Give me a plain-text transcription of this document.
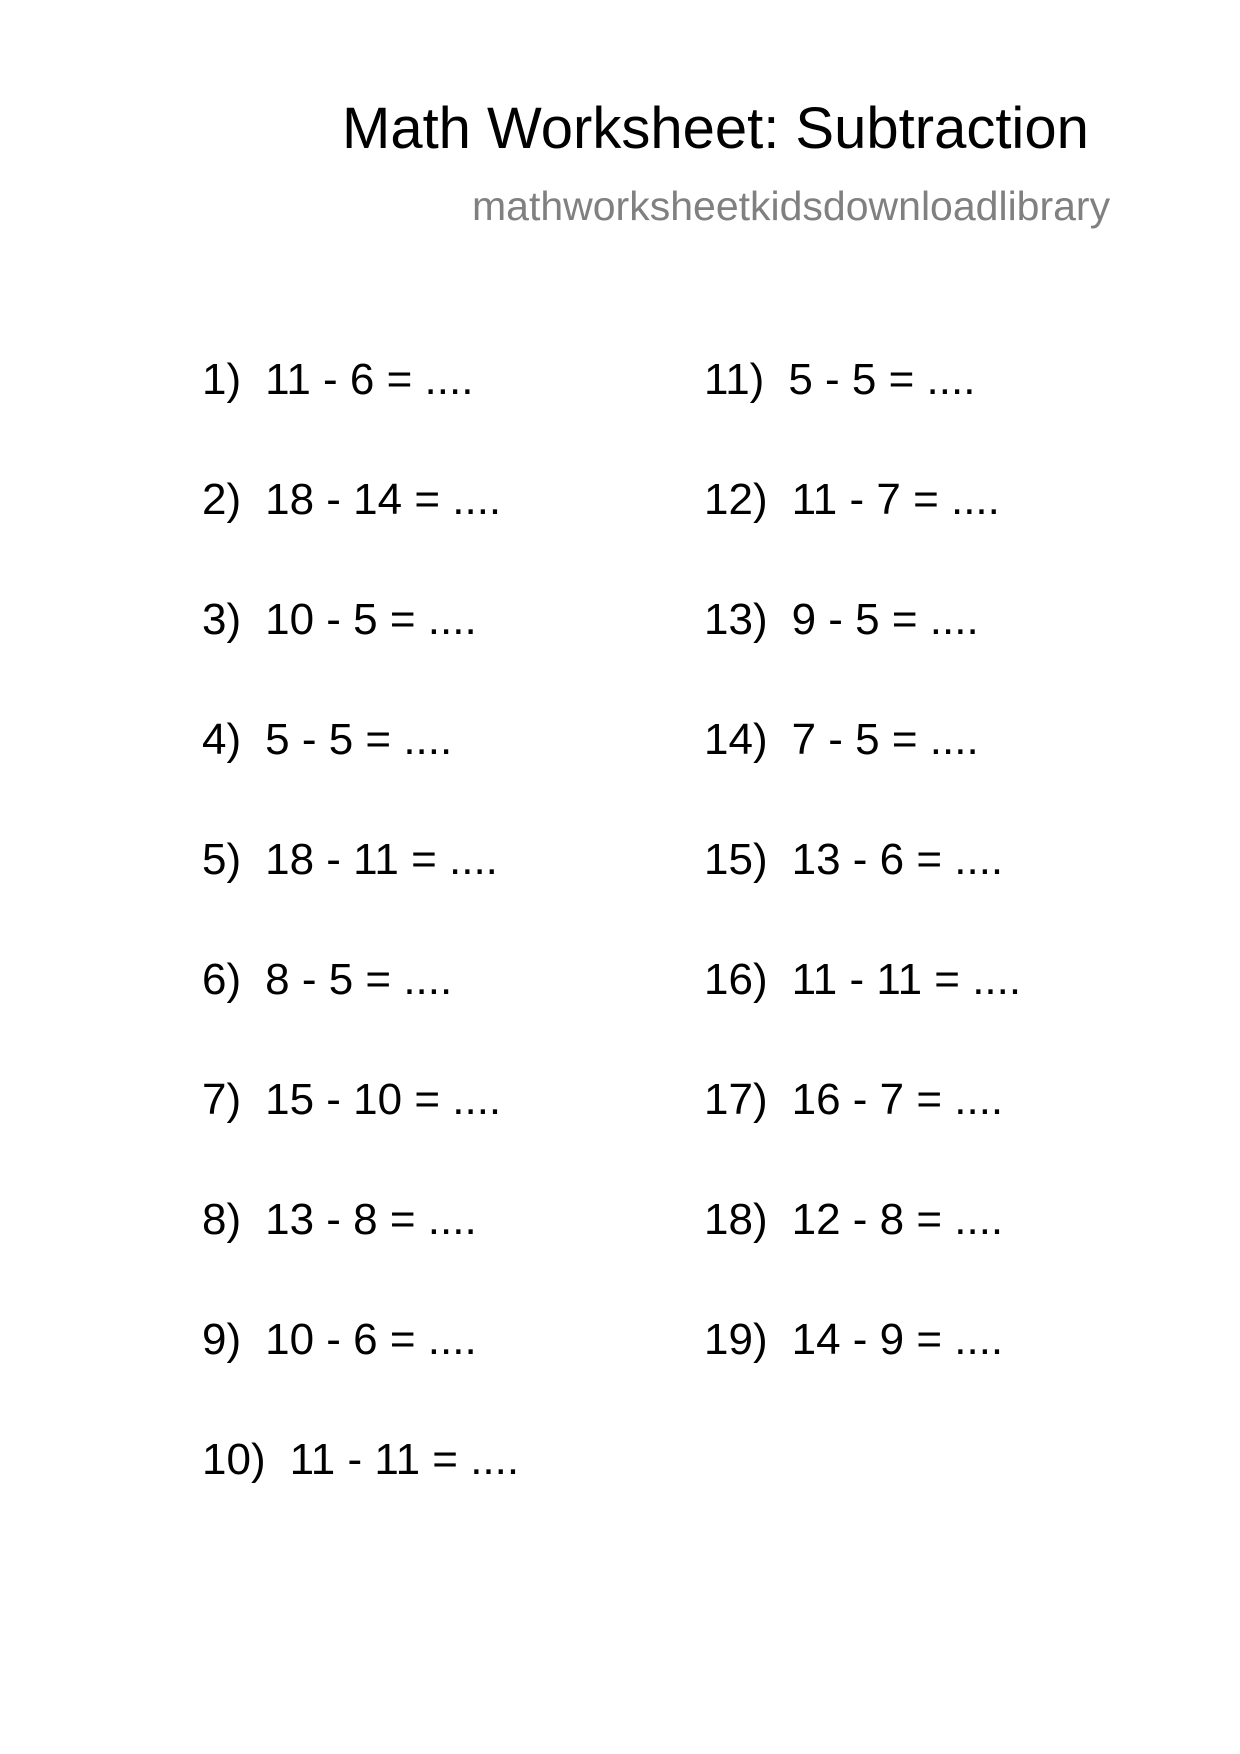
Math Worksheet: Subtraction
mathworksheetkidsdownloadlibrary
1) 11 - 6 = ....
2) 18 - 14 = ....
3) 10 - 5 = ....
4) 5 - 5 = ....
5) 18 - 11 = ....
6) 8 - 5 = ....
7) 15 - 10 = ....
8) 13 - 8 = ....
9) 10 - 6 = ....
10) 11 - 11 = ....
11) 5 - 5 = ....
12) 11 - 7 = ....
13) 9 - 5 = ....
14) 7 - 5 = ....
15) 13 - 6 = ....
16) 11 - 11 = ....
17) 16 - 7 = ....
18) 12 - 8 = ....
19) 14 - 9 = ....
